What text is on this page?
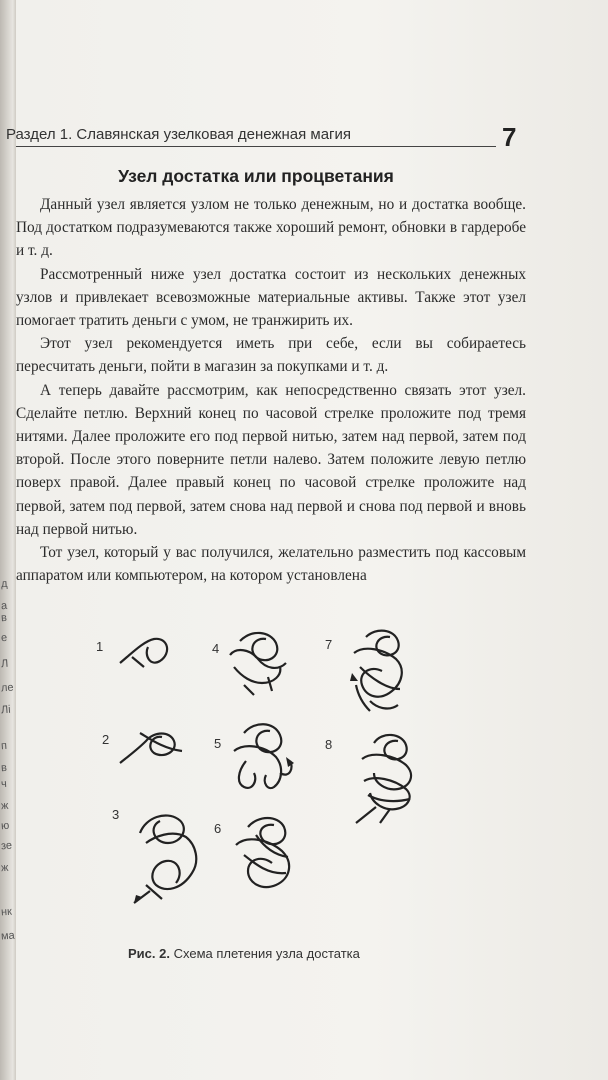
д
а
в
е
Л
ле
Лі
п
в
ч
ж
ю
зе
ж
нк
ма
Раздел 1. Славянская узелковая денежная магия	7
Узел достатка или процветания

Данный узел является узлом не только денежным, но и достатка вообще. Под достатком подразумеваются также хороший ремонт, обновки в гардеробе и т. д.

Рассмотренный ниже узел достатка состоит из нескольких денежных узлов и привлекает всевозможные материальные активы. Также этот узел помогает тратить деньги с умом, не транжирить их.

Этот узел рекомендуется иметь при себе, если вы собираетесь пересчитать деньги, пойти в магазин за покупками и т. д.

А теперь давайте рассмотрим, как непосредственно связать этот узел. Сделайте петлю. Верхний конец по часовой стрелке проложите под тремя нитями. Далее проложите его под первой нитью, затем над первой, затем под второй. После этого поверните петли налево. Затем положите левую петлю поверх правой. Далее правый конец по часовой стрелке проложите над первой, затем под первой, затем снова над первой и снова под первой и вновь над первой нитью.

Тот узел, который у вас получился, желательно разместить под кассовым аппаратом или компьютером, на котором установлена

1
2
3
4
5
6
7
8
Рис. 2. Схема плетения узла достатка
